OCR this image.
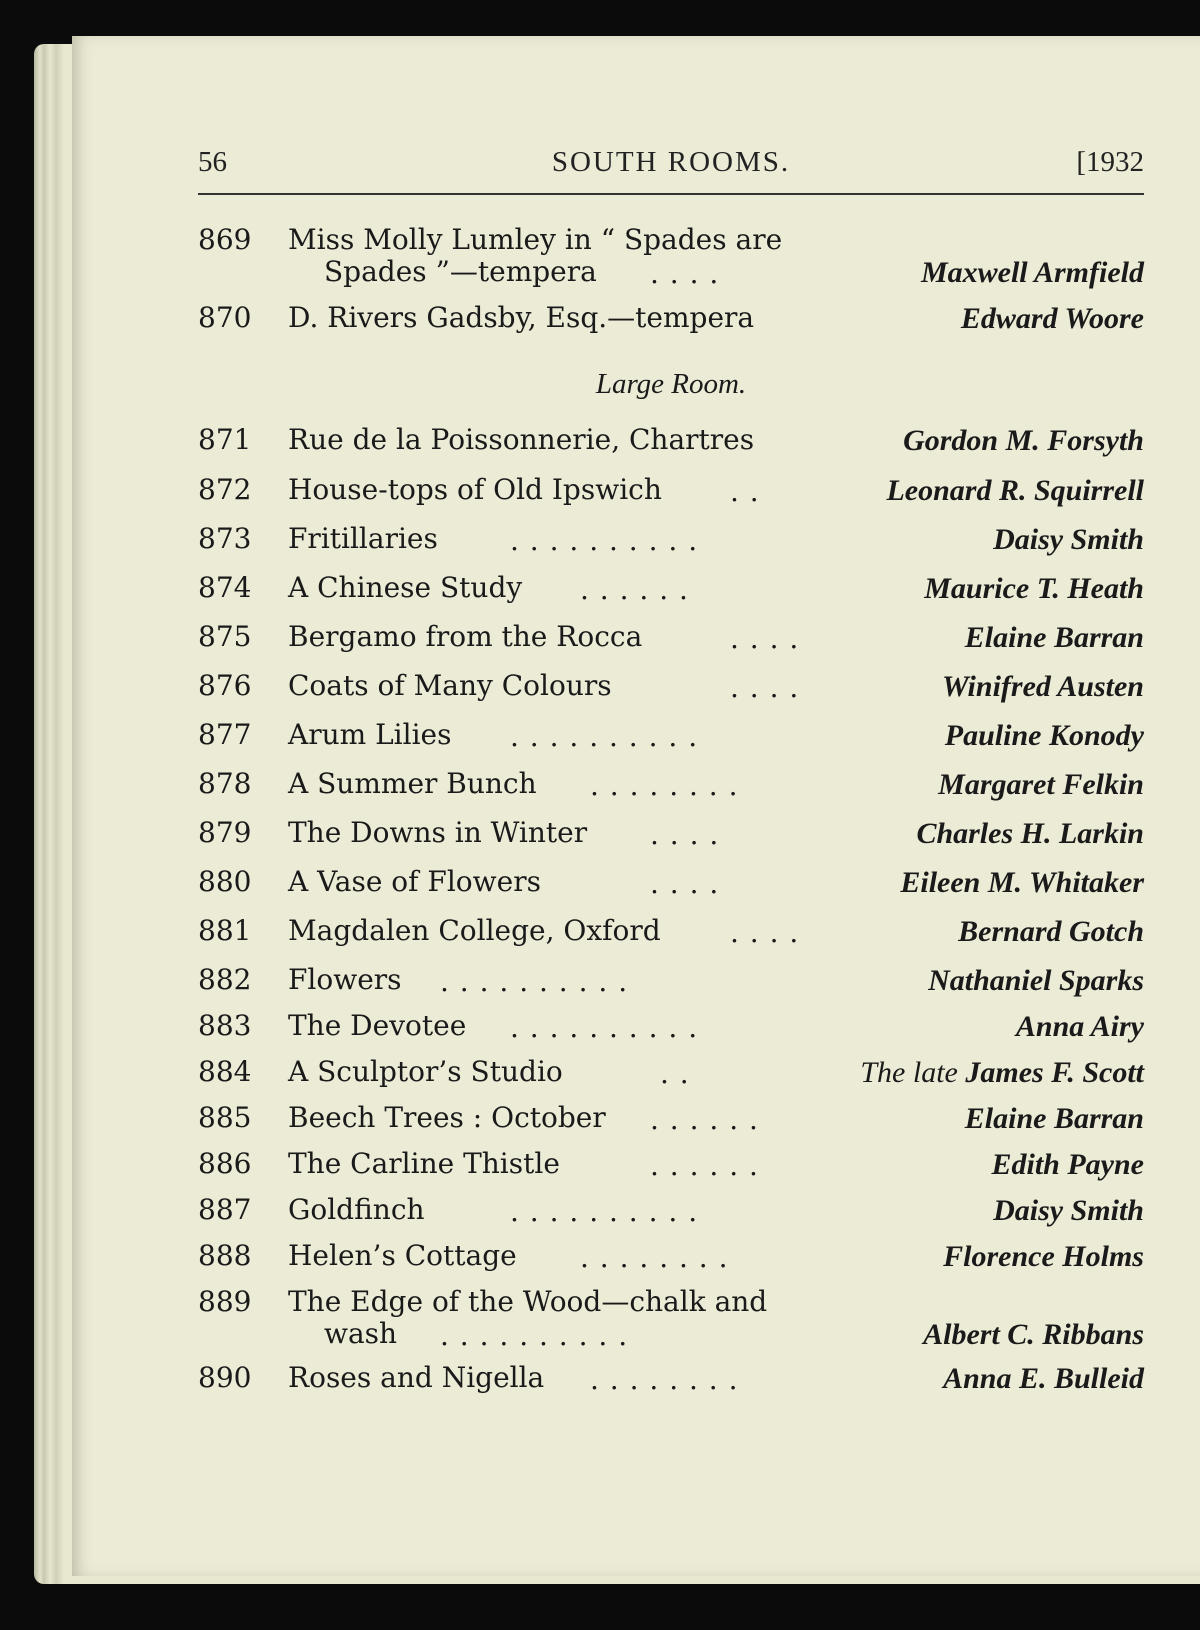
56	SOUTH ROOMS.	[1932
869 Miss Molly Lumley in “ Spades are
Spades ”—tempera . . . .	Maxwell Armfield
870 D. Rivers Gadsby, Esq.—tempera	Edward Woore
Large Room.
871 Rue de la Poissonnerie, Chartres	Gordon M. Forsyth
872 House-tops of Old Ipswich . .	Leonard R. Squirrell
873 Fritillaries	. . . . . . . . . .	Daisy Smith
874 A Chinese Study . . . . . .	Maurice T. Heath
875 Bergamo from the Rocca	. . . .	Elaine Barran
876 Coats of Many Colours	. . . .	Winifred Austen
877 Arum Lilies . . . . . . . . . .	Pauline Konody
878 A Summer Bunch . . . . . . . .	Margaret Felkin
879 The Downs in Winter . . . .	Charles H. Larkin
880 A Vase of Flowers	. . . .	Eileen M. Whitaker
881 Magdalen College, Oxford . . . .	Bernard Gotch
882 Flowers . . . . . . . . . .	Nathaniel Sparks
883 The Devotee . . . . . . . . . .	Anna Airy
884 A Sculptor’s Studio	. .	The late James F. Scott
885 Beech Trees : October . . . . . .	Elaine Barran
886 The Carline Thistle	. . . . . .	Edith Payne
887 Goldfinch	. . . . . . . . . .	Daisy Smith
888 Helen’s Cottage . . . . . . . .	Florence Holms
889 The Edge of the Wood—chalk and
wash . . . . . . . . . .	Albert C. Ribbans
890 Roses and Nigella . . . . . . . .	Anna E. Bulleid
